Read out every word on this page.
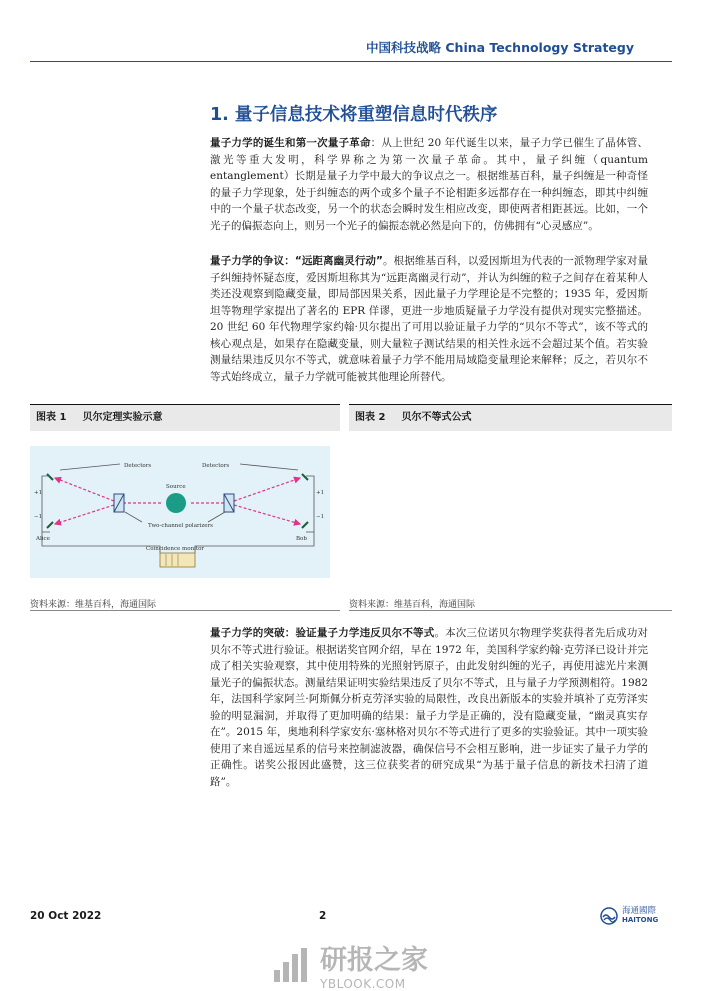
中国科技战略 China Technology Strategy
1. 量子信息技术将重塑信息时代秩序
量子力学的诞生和第一次量子革命：从上世纪 20 年代诞生以来，量子力学已催生了晶体管、激光等重大发明，科学界称之为第一次量子革命。其中，量子纠缠（quantum entanglement）长期是量子力学中最大的争议点之一。根据维基百科，量子纠缠是一种奇怪的量子力学现象，处于纠缠态的两个或多个量子不论相距多远都存在一种纠缠态，即其中纠缠中的一个量子状态改变，另一个的状态会瞬时发生相应改变，即使两者相距甚远。比如，一个光子的偏振态向上，则另一个光子的偏振态就必然是向下的，仿佛拥有“心灵感应”。
量子力学的争议：“远距离幽灵行动”。根据维基百科，以爱因斯坦为代表的一派物理学家对量子纠缠持怀疑态度，爱因斯坦称其为“远距离幽灵行动”，并认为纠缠的粒子之间存在着某种人类还没观察到隐藏变量，即局部因果关系，因此量子力学理论是不完整的；1935 年，爱因斯坦等物理学家提出了著名的 EPR 佯谬，更进一步地质疑量子力学没有提供对现实完整描述。20 世纪 60 年代物理学家约翰·贝尔提出了可用以验证量子力学的“贝尔不等式”，该不等式的核心观点是，如果存在隐藏变量，则大量粒子测试结果的相关性永远不会超过某个值。若实验测量结果违反贝尔不等式，就意味着量子力学不能用局域隐变量理论来解释；反之，若贝尔不等式始终成立，量子力学就可能被其他理论所替代。
图表 1 贝尔定理实验示意	图表 2 贝尔不等式公式
Detectors	Detectors
Source
+1
−1
+1
−1
Alice	Bob
Two-channel polarizers
Coincidence monitor
资料来源：维基百科，海通国际	资料来源：维基百科，海通国际
量子力学的突破：验证量子力学违反贝尔不等式。本次三位诺贝尔物理学奖获得者先后成功对贝尔不等式进行验证。根据诺奖官网介绍，早在 1972 年，美国科学家约翰·克劳泽已设计并完成了相关实验观察，其中使用特殊的光照射钙原子，由此发射纠缠的光子，再使用滤光片来测量光子的偏振状态。测量结果证明实验结果违反了贝尔不等式，且与量子力学预测相符。1982 年，法国科学家阿兰·阿斯佩分析克劳泽实验的局限性，改良出新版本的实验并填补了克劳泽实验的明显漏洞，并取得了更加明确的结果：量子力学是正确的，没有隐藏变量，“幽灵真实存在”。2015 年，奥地利科学家安东·塞林格对贝尔不等式进行了更多的实验验证。其中一项实验使用了来自遥远星系的信号来控制滤波器，确保信号不会相互影响，进一步证实了量子力学的正确性。诺奖公报因此盛赞，这三位获奖者的研究成果“为基于量子信息的新技术扫清了道路”。
20 Oct 2022	2	海通國際
HAITONG
研报之家
YBLOOK.COM
